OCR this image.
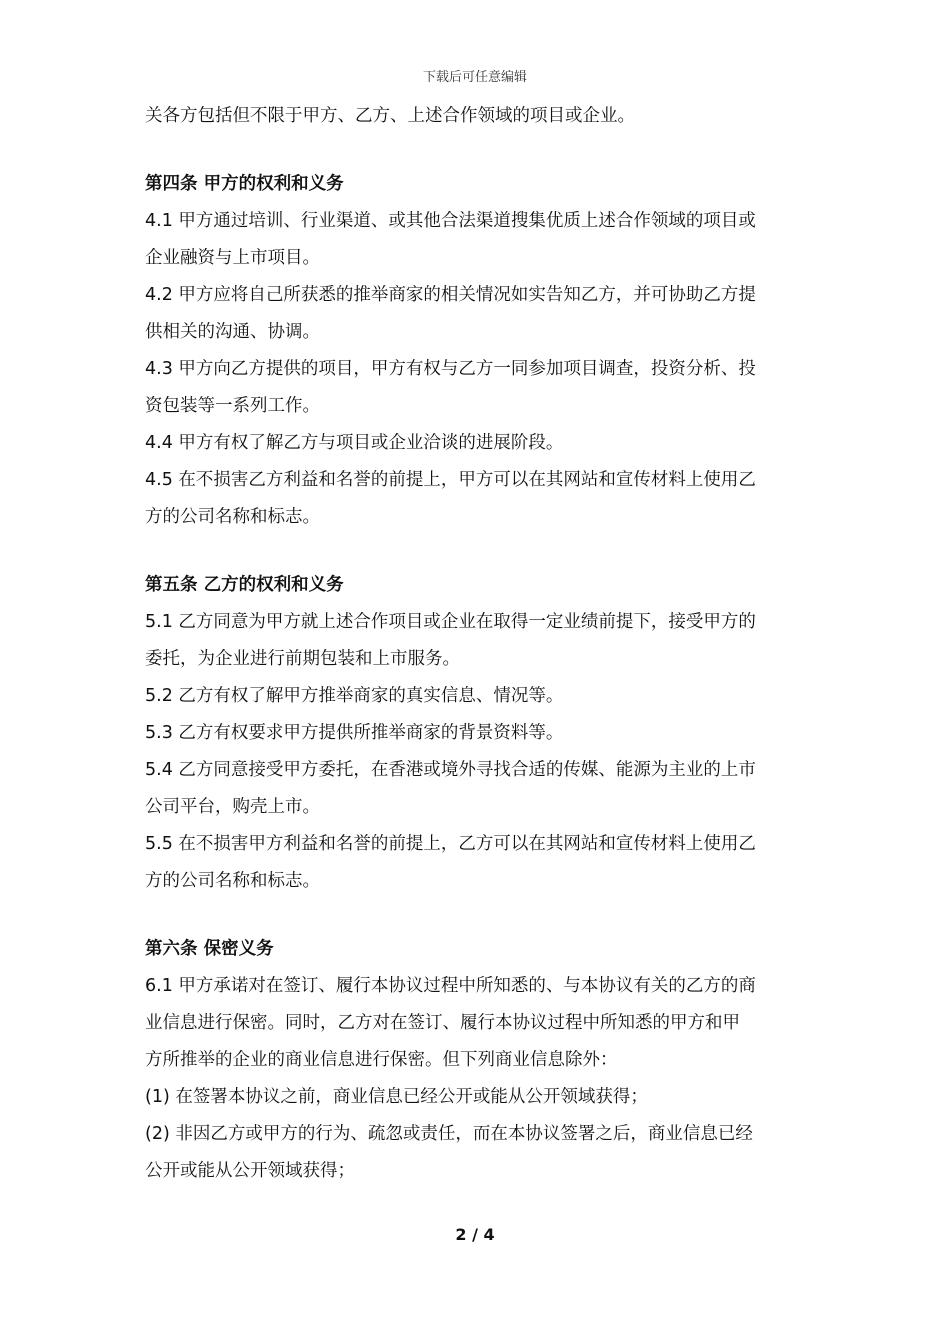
下载后可任意编辑

关各方包括但不限于甲方、乙方、上述合作领域的项目或企业。

第四条 甲方的权利和义务

4.1 甲方通过培训、行业渠道、或其他合法渠道搜集优质上述合作领域的项目或

企业融资与上市项目。

4.2 甲方应将自己所获悉的推举商家的相关情况如实告知乙方，并可协助乙方提

供相关的沟通、协调。

4.3 甲方向乙方提供的项目，甲方有权与乙方一同参加项目调查，投资分析、投

资包装等一系列工作。

4.4 甲方有权了解乙方与项目或企业洽谈的进展阶段。

4.5 在不损害乙方利益和名誉的前提上，甲方可以在其网站和宣传材料上使用乙

方的公司名称和标志。

第五条 乙方的权利和义务

5.1 乙方同意为甲方就上述合作项目或企业在取得一定业绩前提下，接受甲方的

委托，为企业进行前期包装和上市服务。

5.2 乙方有权了解甲方推举商家的真实信息、情况等。

5.3 乙方有权要求甲方提供所推举商家的背景资料等。

5.4 乙方同意接受甲方委托，在香港或境外寻找合适的传媒、能源为主业的上市

公司平台，购壳上市。

5.5 在不损害甲方利益和名誉的前提上，乙方可以在其网站和宣传材料上使用乙

方的公司名称和标志。

第六条 保密义务

6.1 甲方承诺对在签订、履行本协议过程中所知悉的、与本协议有关的乙方的商

业信息进行保密。同时，乙方对在签订、履行本协议过程中所知悉的甲方和甲

方所推举的企业的商业信息进行保密。但下列商业信息除外：

(1) 在签署本协议之前，商业信息已经公开或能从公开领域获得；

(2) 非因乙方或甲方的行为、疏忽或责任，而在本协议签署之后，商业信息已经

公开或能从公开领域获得；

2 / 4
